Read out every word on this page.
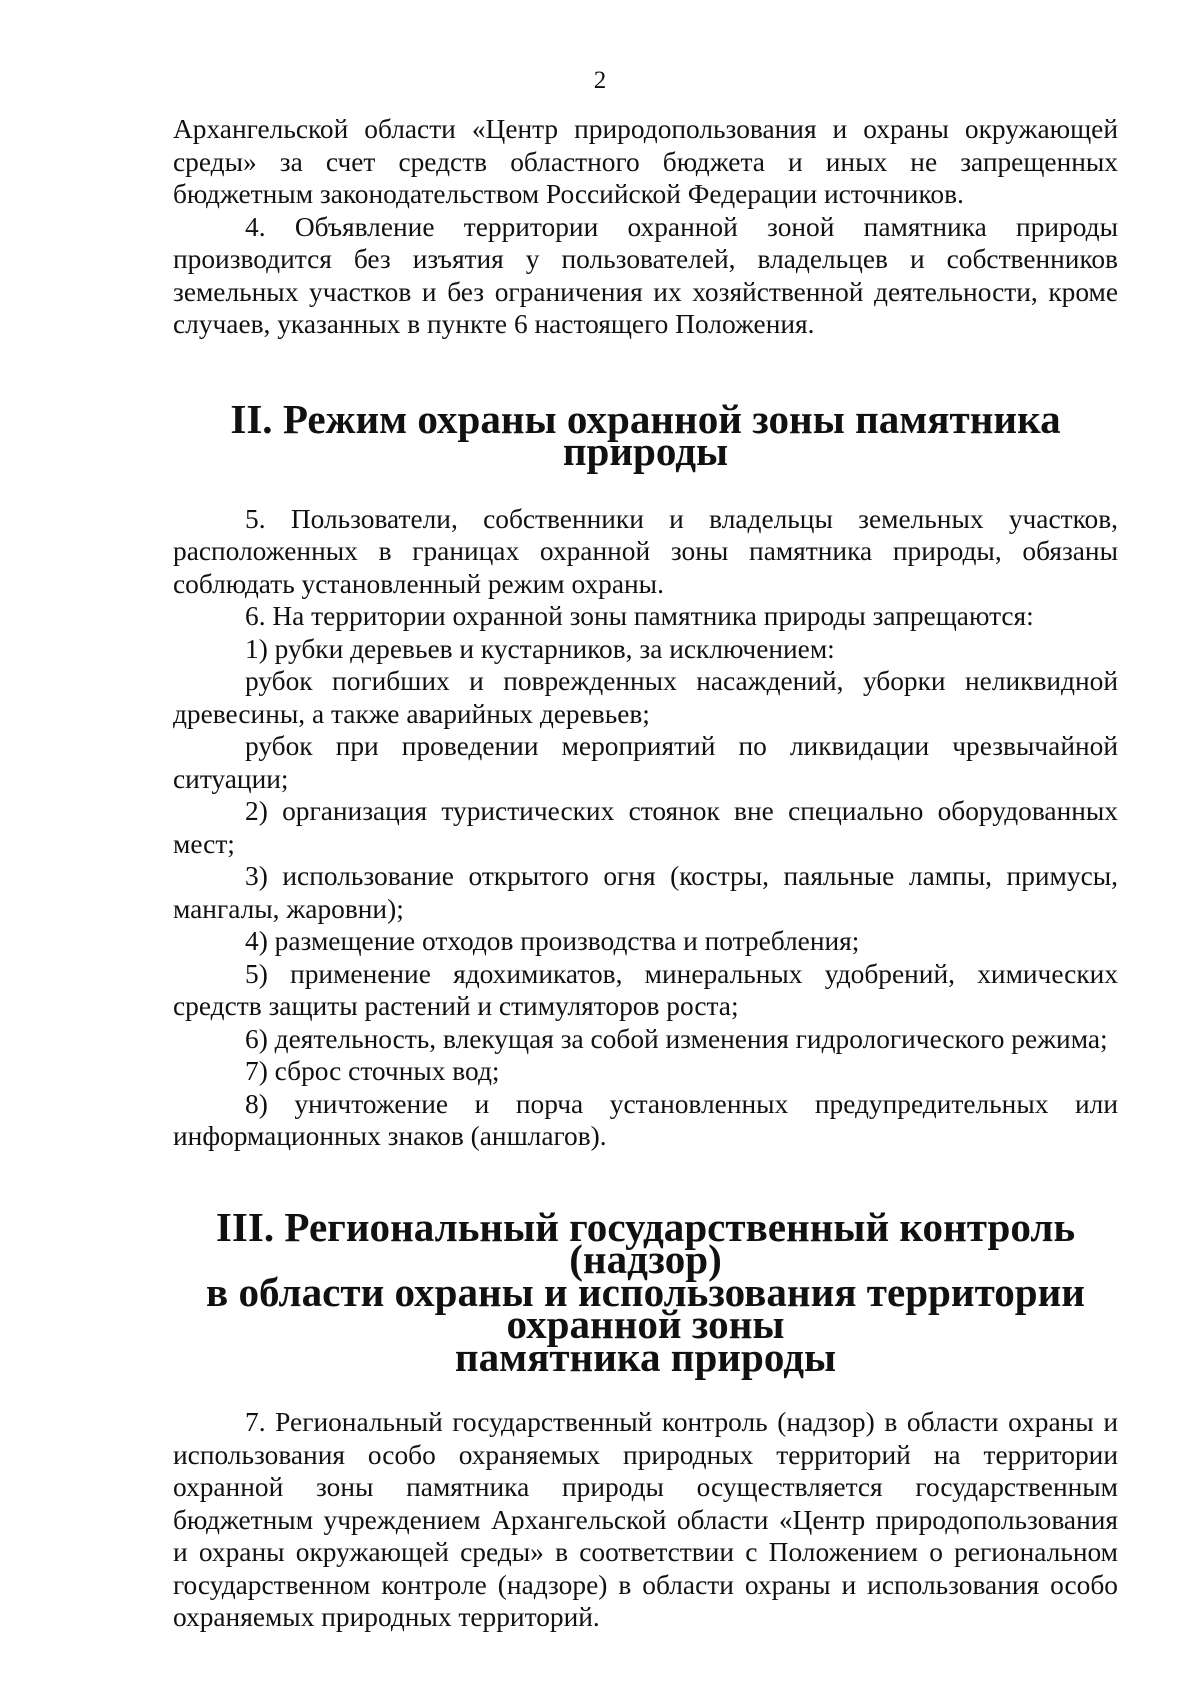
2

Архангельской области «Центр природопользования и охраны окружающей среды» за счет средств областного бюджета и иных не запрещенных бюджетным законодательством Российской Федерации источников.

4. Объявление территории охранной зоной памятника природы производится без изъятия у пользователей, владельцев и собственников земельных участков и без ограничения их хозяйственной деятельности, кроме случаев, указанных в пункте 6 настоящего Положения.

II. Режим охраны охранной зоны памятника природы

5. Пользователи, собственники и владельцы земельных участков, расположенных в границах охранной зоны памятника природы, обязаны соблюдать установленный режим охраны.

6. На территории охранной зоны памятника природы запрещаются:

1) рубки деревьев и кустарников, за исключением:

рубок погибших и поврежденных насаждений, уборки неликвидной древесины, а также аварийных деревьев;

рубок при проведении мероприятий по ликвидации чрезвычайной ситуации;

2) организация туристических стоянок вне специально оборудованных мест;

3) использование открытого огня (костры, паяльные лампы, примусы, мангалы, жаровни);

4) размещение отходов производства и потребления;

5) применение ядохимикатов, минеральных удобрений, химических средств защиты растений и стимуляторов роста;

6) деятельность, влекущая за собой изменения гидрологического режима;

7) сброс сточных вод;

8) уничтожение и порча установленных предупредительных или информационных знаков (аншлагов).

III. Региональный государственный контроль (надзор)
в области охраны и использования территории охранной зоны
памятника природы

7. Региональный государственный контроль (надзор) в области охраны и использования особо охраняемых природных территорий на территории охранной зоны памятника природы осуществляется государственным бюджетным учреждением Архангельской области «Центр природопользования и охраны окружающей среды» в соответствии с Положением о региональном государственном контроле (надзоре) в области охраны и использования особо охраняемых природных территорий.
